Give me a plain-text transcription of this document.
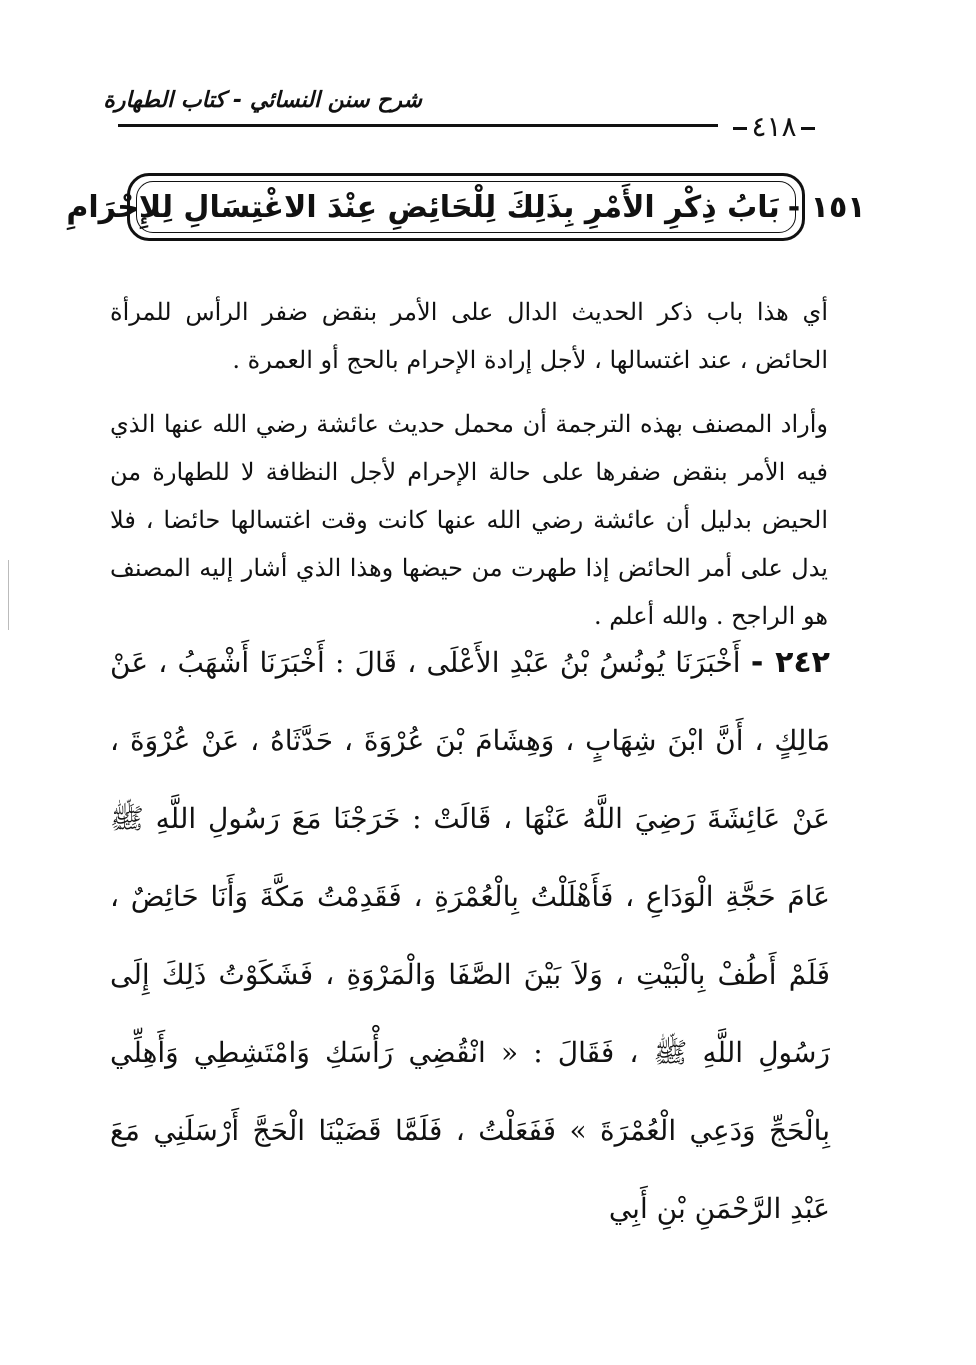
شرح سنن النسائي - كتاب الطهارة
٤١٨
١٥١ -
بَابُ ذِكْرِ الأَمْرِ بِذَلِكَ لِلْحَائِضِ عِنْدَ الاغْتِسَالِ لِلإِحْرَامِ

أي هذا باب ذكر الحديث الدال على الأمر بنقض ضفر الرأس للمرأة الحائض ، عند اغتسالها ، لأجل إرادة الإحرام بالحج أو العمرة .

وأراد المصنف بهذه الترجمة أن محمل حديث عائشة رضي الله عنها الذي فيه الأمر بنقض ضفرها على حالة الإحرام لأجل النظافة لا للطهارة من الحيض بدليل أن عائشة رضي الله عنها كانت وقت اغتسالها حائضا ، فلا يدل على أمر الحائض إذا طهرت من حيضها وهذا الذي أشار إليه المصنف هو الراجح . والله أعلم .

٢٤٢ - أَخْبَرَنَا يُونُسُ بْنُ عَبْدِ الأَعْلَى ، قَالَ : أَخْبَرَنَا أَشْهَبُ ، عَنْ مَالِكٍ ، أَنَّ ابْنَ شِهَابٍ ، وَهِشَامَ بْنَ عُرْوَةَ ، حَدَّثَاهُ ، عَنْ عُرْوَةَ ، عَنْ عَائِشَةَ رَضِيَ اللَّهُ عَنْهَا ، قَالَتْ : خَرَجْنَا مَعَ رَسُولِ اللَّهِ ﷺ عَامَ حَجَّةِ الْوَدَاعِ ، فَأَهْلَلْتُ بِالْعُمْرَةِ ، فَقَدِمْتُ مَكَّةَ وَأَنَا حَائِضٌ ، فَلَمْ أَطُفْ بِالْبَيْتِ ، وَلاَ بَيْنَ الصَّفَا وَالْمَرْوَةِ ، فَشَكَوْتُ ذَلِكَ إِلَى رَسُولِ اللَّهِ ﷺ ، فَقَالَ : « انْقُضِي رَأْسَكِ وَامْتَشِطِي وَأَهِلِّي بِالْحَجِّ وَدَعِي الْعُمْرَةَ » فَفَعَلْتُ ، فَلَمَّا قَضَيْنَا الْحَجَّ أَرْسَلَنِي مَعَ عَبْدِ الرَّحْمَنِ بْنِ أَبِي
